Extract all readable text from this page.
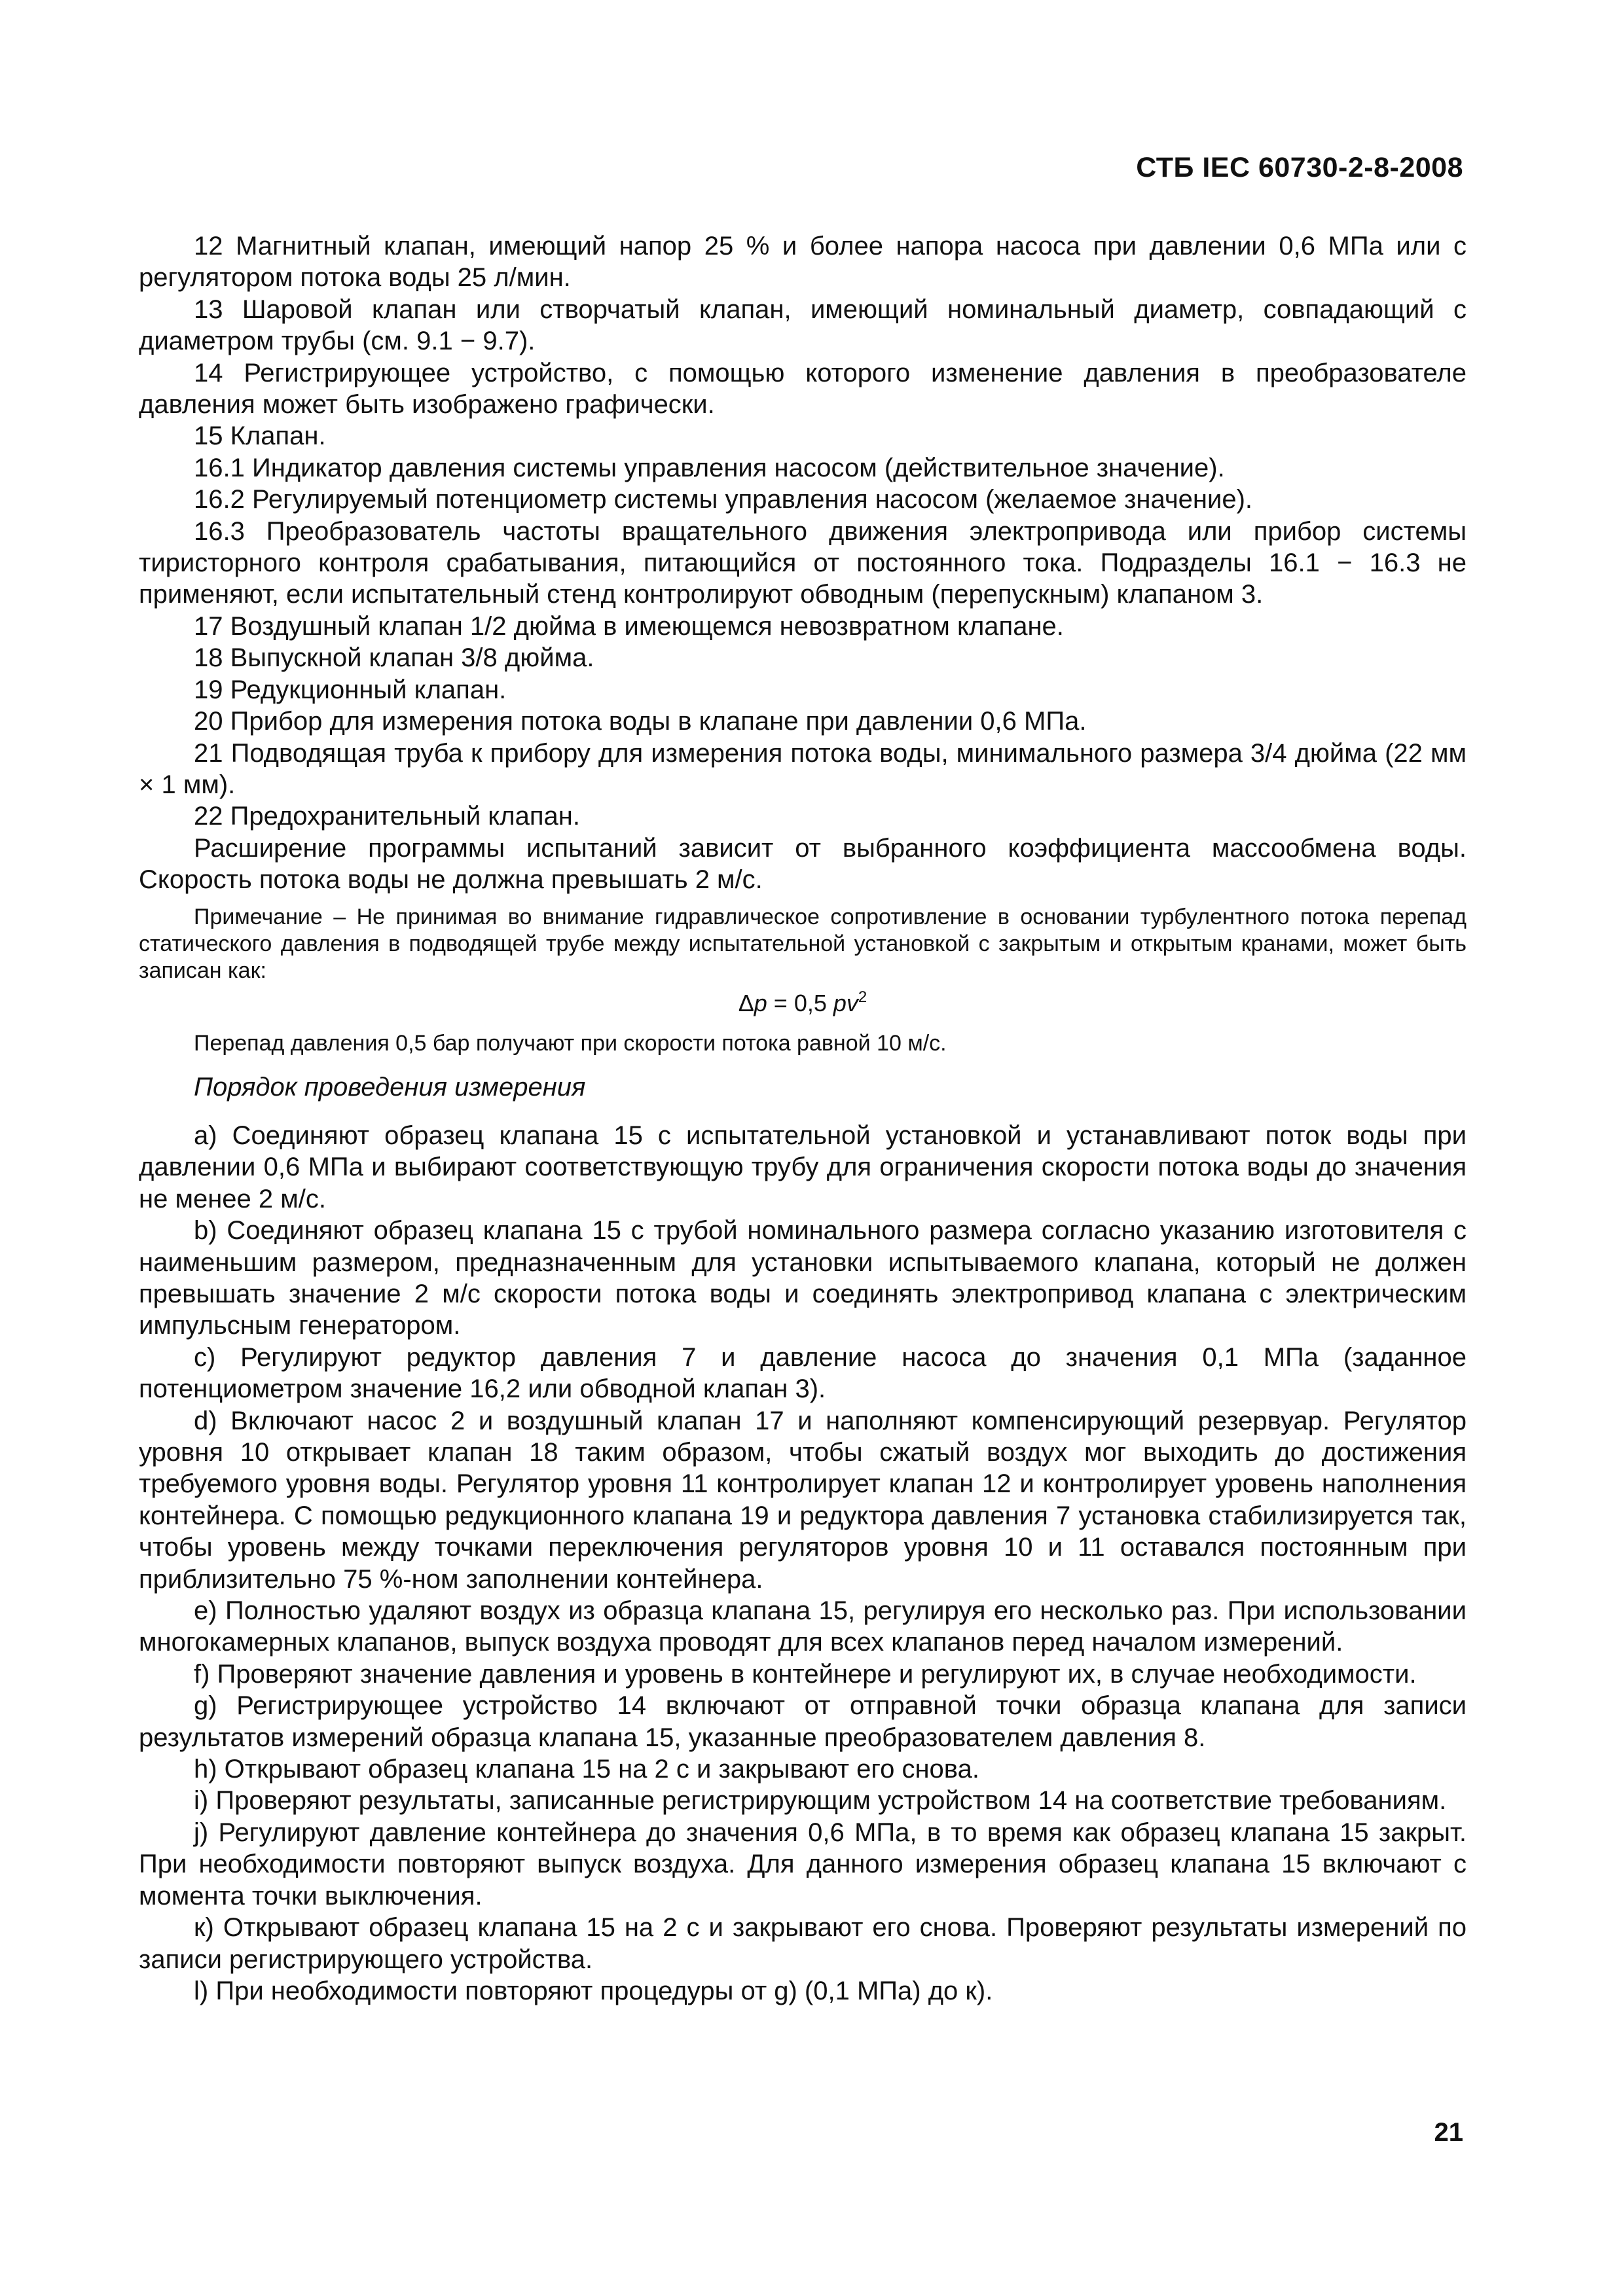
СТБ IEC 60730-2-8-2008

12 Магнитный клапан, имеющий напор 25 % и более напора насоса при давлении 0,6 МПа или с регулятором потока воды 25 л/мин.

13 Шаровой клапан или створчатый клапан, имеющий номинальный диаметр, совпадающий с диаметром трубы (см. 9.1 − 9.7).

14 Регистрирующее устройство, с помощью которого изменение давления в преобразователе давления может быть изображено графически.

15 Клапан.

16.1 Индикатор давления системы управления насосом (действительное значение).

16.2 Регулируемый потенциометр системы управления насосом (желаемое значение).

16.3 Преобразователь частоты вращательного движения электропривода или прибор системы тиристорного контроля срабатывания, питающийся от постоянного тока. Подразделы 16.1 − 16.3 не применяют, если испытательный стенд контролируют обводным (перепускным) клапаном 3.

17 Воздушный клапан 1/2 дюйма в имеющемся невозвратном клапане.

18 Выпускной клапан 3/8 дюйма.

19 Редукционный клапан.

20 Прибор для измерения потока воды в клапане при давлении 0,6 МПа.

21 Подводящая труба к прибору для измерения потока воды, минимального размера 3/4 дюйма (22 мм × 1 мм).

22 Предохранительный клапан.

Расширение программы испытаний зависит от выбранного коэффициента массообмена воды. Скорость потока воды не должна превышать 2 м/с.

Примечание – Не принимая во внимание гидравлическое сопротивление в основании турбулентного потока перепад статического давления в подводящей трубе между испытательной установкой с закрытым и открытым кранами, может быть записан как:

Δp = 0,5 $pv^2$

Перепад давления 0,5 бар получают при скорости потока равной 10 м/с.

Порядок проведения измерения

а) Соединяют образец клапана 15 с испытательной установкой и устанавливают поток воды при давлении 0,6 МПа и выбирают соответствующую трубу для ограничения скорости потока воды до значения не менее 2 м/с.

b) Соединяют образец клапана 15 с трубой номинального размера согласно указанию изготовителя с наименьшим размером, предназначенным для установки испытываемого клапана, который не должен превышать значение 2 м/с скорости потока воды и соединять электропривод клапана с электрическим импульсным генератором.

с) Регулируют редуктор давления 7 и давление насоса до значения 0,1 МПа (заданное потенциометром значение 16,2 или обводной клапан 3).

d) Включают насос 2 и воздушный клапан 17 и наполняют компенсирующий резервуар. Регулятор уровня 10 открывает клапан 18 таким образом, чтобы сжатый воздух мог выходить до достижения требуемого уровня воды. Регулятор уровня 11 контролирует клапан 12 и контролирует уровень наполнения контейнера. С помощью редукционного клапана 19 и редуктора давления 7 установка стабилизируется так, чтобы уровень между точками переключения регуляторов уровня 10 и 11 оставался постоянным при приблизительно 75 %-ном заполнении контейнера.

е) Полностью удаляют воздух из образца клапана 15, регулируя его несколько раз. При использовании многокамерных клапанов, выпуск воздуха проводят для всех клапанов перед началом измерений.

f) Проверяют значение давления и уровень в контейнере и регулируют их, в случае необходимости.

g) Регистрирующее устройство 14 включают от отправной точки образца клапана для записи результатов измерений образца клапана 15, указанные преобразователем давления 8.

h) Открывают образец клапана 15 на 2 с и закрывают его снова.

i) Проверяют результаты, записанные регистрирующим устройством 14 на соответствие требованиям.

j) Регулируют давление контейнера до значения 0,6 МПа, в то время как образец клапана 15 закрыт. При необходимости повторяют выпуск воздуха. Для данного измерения образец клапана 15 включают с момента точки выключения.

к) Открывают образец клапана 15 на 2 с и закрывают его снова. Проверяют результаты измерений по записи регистрирующего устройства.

l) При необходимости повторяют процедуры от g) (0,1 МПа) до к).

21
